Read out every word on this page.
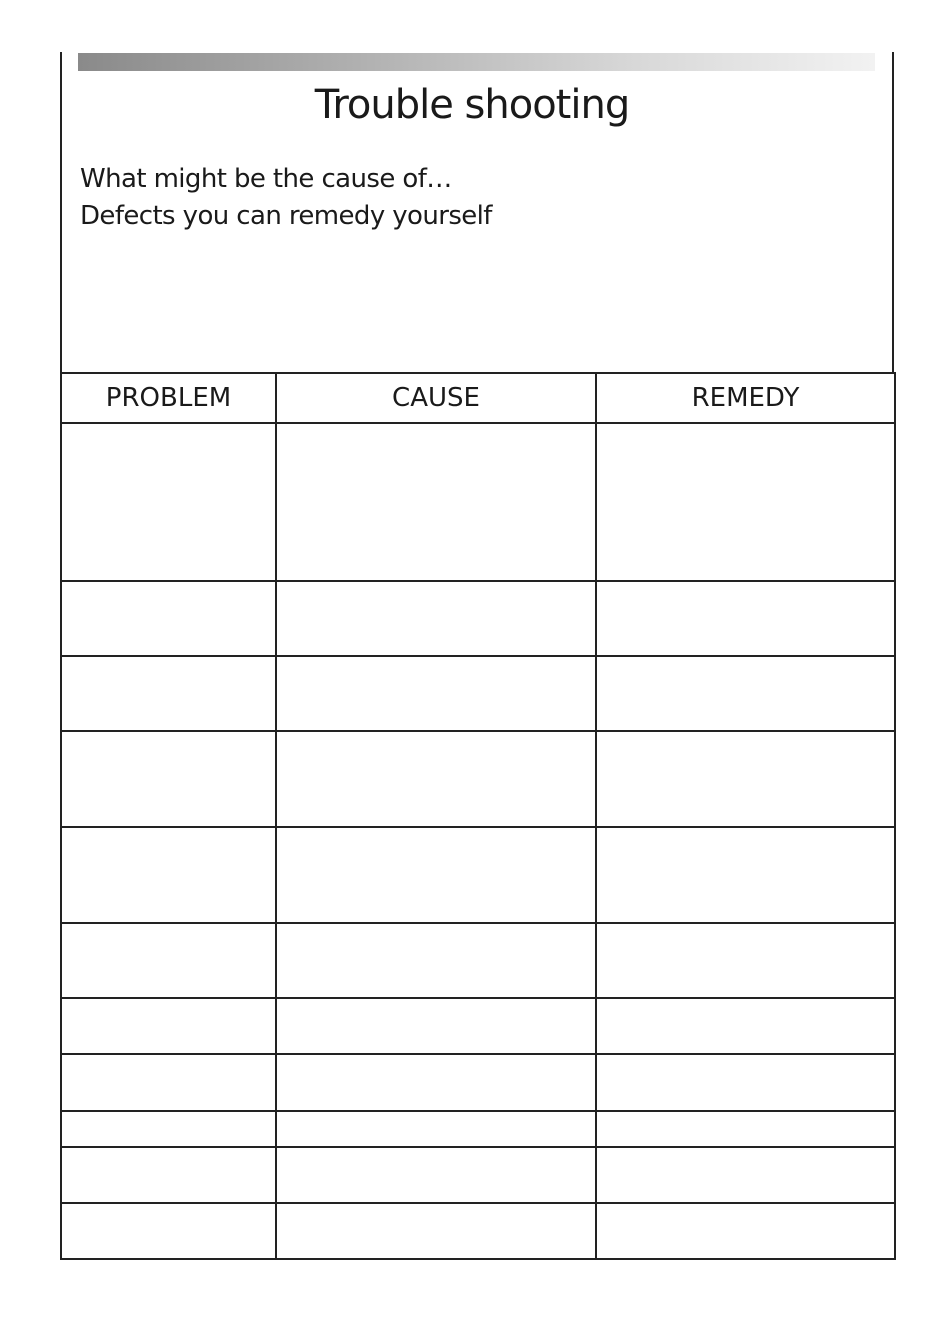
Trouble shooting
What might be the cause of…
Defects you can remedy yourself
PROBLEM	CAUSE	REMEDY
